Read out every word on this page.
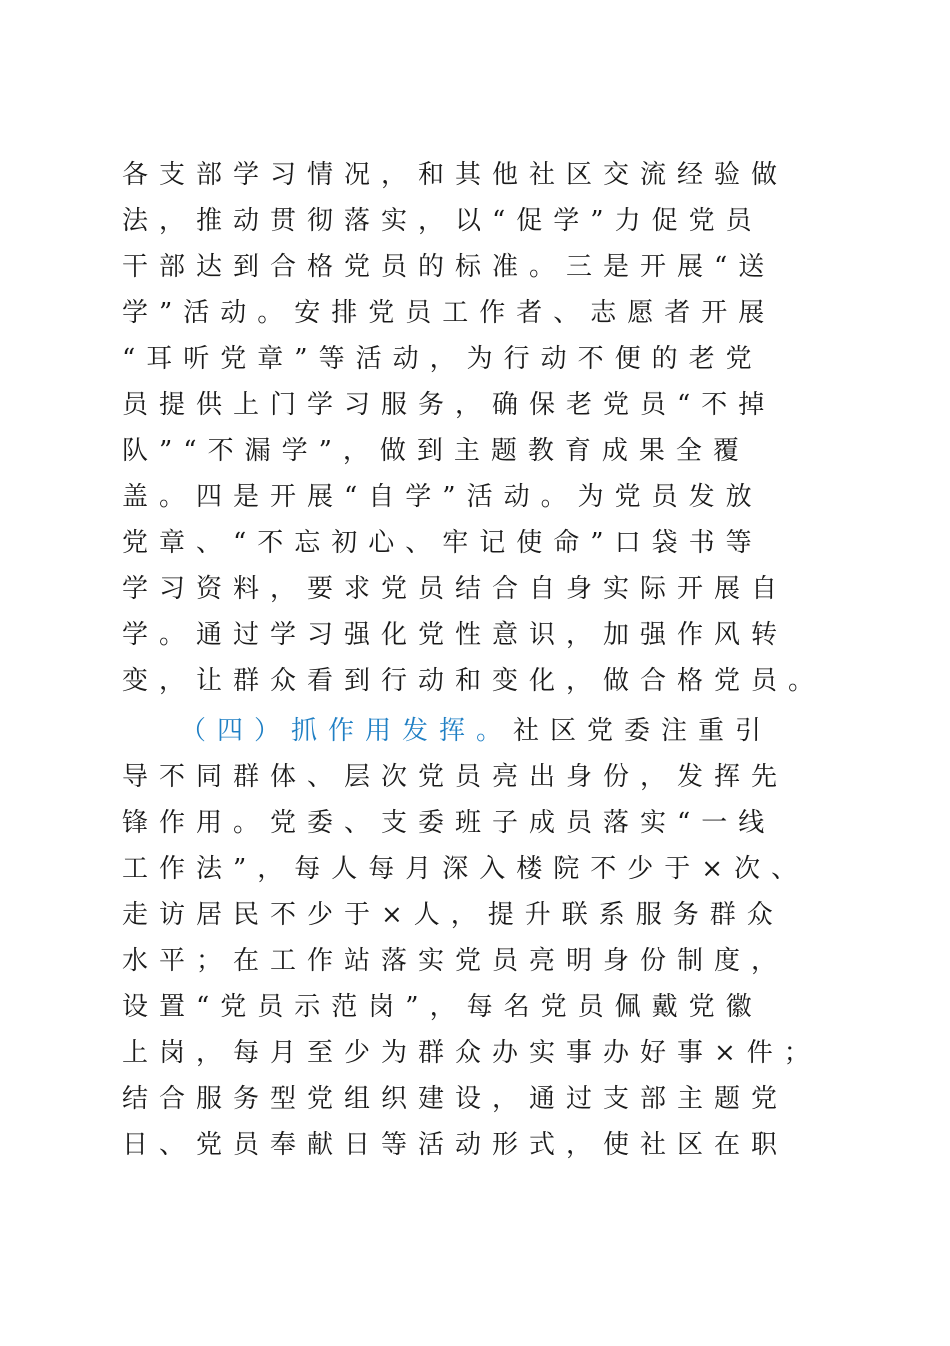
各支部学习情况，和其他社区交流经验做
法，推动贯彻落实，以“促学”力促党员
干部达到合格党员的标准。三是开展“送
学”活动。安排党员工作者、志愿者开展
“耳听党章”等活动，为行动不便的老党
员提供上门学习服务，确保老党员“不掉
队”“不漏学”，做到主题教育成果全覆
盖。四是开展“自学”活动。为党员发放
党章、“不忘初心、牢记使命”口袋书等
学习资料，要求党员结合自身实际开展自
学。通过学习强化党性意识，加强作风转
变，让群众看到行动和变化，做合格党员。
（四）抓作用发挥。社区党委注重引
导不同群体、层次党员亮出身份，发挥先
锋作用。党委、支委班子成员落实“一线
工作法”，每人每月深入楼院不少于×次、
走访居民不少于×人，提升联系服务群众
水平；在工作站落实党员亮明身份制度，
设置“党员示范岗”，每名党员佩戴党徽
上岗，每月至少为群众办实事办好事×件；
结合服务型党组织建设，通过支部主题党
日、党员奉献日等活动形式，使社区在职
